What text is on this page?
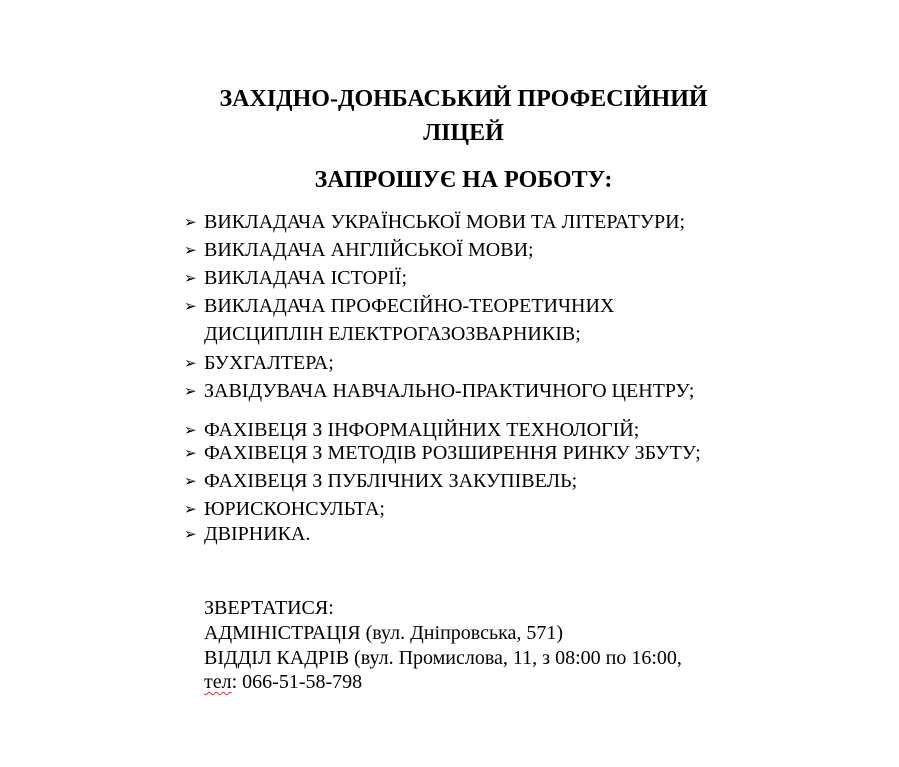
ЗАХІДНО-ДОНБАСЬКИЙ ПРОФЕСІЙНИЙ
ЛІЦЕЙ
ЗАПРОШУЄ НА РОБОТУ:
➢ ВИКЛАДАЧА УКРАЇНСЬКОЇ МОВИ ТА ЛІТЕРАТУРИ;
➢ ВИКЛАДАЧА АНГЛІЙСЬКОЇ МОВИ;
➢ ВИКЛАДАЧА ІСТОРІЇ;
➢ ВИКЛАДАЧА ПРОФЕСІЙНО-ТЕОРЕТИЧНИХ
ДИСЦИПЛІН ЕЛЕКТРОГАЗОЗВАРНИКІВ;
➢ БУХГАЛТЕРА;
➢ ЗАВІДУВАЧА НАВЧАЛЬНО-ПРАКТИЧНОГО ЦЕНТРУ;
➢ ФАХІВЕЦЯ З ІНФОРМАЦІЙНИХ ТЕХНОЛОГІЙ;
➢ ФАХІВЕЦЯ З МЕТОДІВ РОЗШИРЕННЯ РИНКУ ЗБУТУ;
➢ ФАХІВЕЦЯ З ПУБЛІЧНИХ ЗАКУПІВЕЛЬ;
➢ ЮРИСКОНСУЛЬТА;
➢ ДВІРНИКА.
ЗВЕРТАТИСЯ:
АДМІНІСТРАЦІЯ (вул. Дніпровська, 571)
ВІДДІЛ КАДРІВ (вул. Промислова, 11, з 08:00 по 16:00,
тел: 066-51-58-798
